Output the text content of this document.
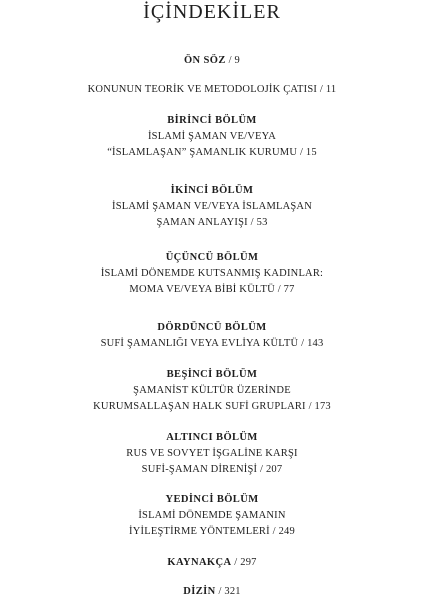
İÇİNDEKİLER
ÖN SÖZ / 9
KONUNUN TEORİK VE METODOLOJİK ÇATISI / 11
BİRİNCİ BÖLÜM
İSLAMİ ŞAMAN VE/VEYA
“İSLAMLAŞAN” ŞAMANLIK KURUMU / 15
İKİNCİ BÖLÜM
İSLAMİ ŞAMAN VE/VEYA İSLAMLAŞAN
ŞAMAN ANLAYIŞI / 53
ÜÇÜNCÜ BÖLÜM
İSLAMİ DÖNEMDE KUTSANMIŞ KADINLAR:
MOMA VE/VEYA BİBİ KÜLTÜ / 77
DÖRDÜNCÜ BÖLÜM
SUFİ ŞAMANLIĞI VEYA EVLİYA KÜLTÜ / 143
BEŞİNCİ BÖLÜM
ŞAMANİST KÜLTÜR ÜZERİNDE
KURUMSALLAŞAN HALK SUFİ GRUPLARI / 173
ALTINCI BÖLÜM
RUS VE SOVYET İŞGALİNE KARŞI
SUFİ-ŞAMAN DİRENİŞİ / 207
YEDİNCİ BÖLÜM
İSLAMİ DÖNEMDE ŞAMANIN
İYİLEŞTİRME YÖNTEMLERİ / 249
KAYNAKÇA / 297
DİZİN / 321
